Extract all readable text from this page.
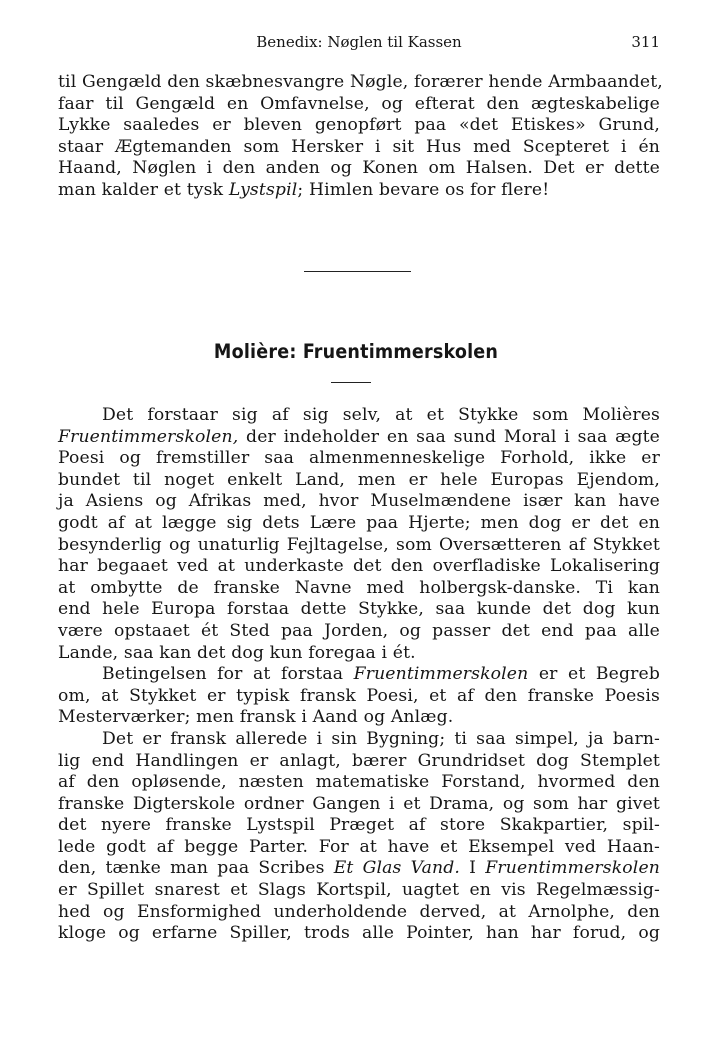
Benedix: Nøglen til Kassen	311
til Gengæld den skæbnesvangre Nøgle, forærer hende Armbaandet,
faar til Gengæld en Omfavnelse, og efterat den ægteskabelige
Lykke saaledes er bleven genopført paa «det Etiskes» Grund,
staar Ægtemanden som Hersker i sit Hus med Scepteret i én
Haand, Nøglen i den anden og Konen om Halsen. Det er dette
man kalder et tysk Lystspil; Himlen bevare os for flere!
Molière: Fruentimmerskolen
Det forstaar sig af sig selv, at et Stykke som Molières
Fruentimmerskolen, der indeholder en saa sund Moral i saa ægte
Poesi og fremstiller saa almenmenneskelige Forhold, ikke er
bundet til noget enkelt Land, men er hele Europas Ejendom,
ja Asiens og Afrikas med, hvor Muselmændene især kan have
godt af at lægge sig dets Lære paa Hjerte; men dog er det en
besynderlig og unaturlig Fejltagelse, som Oversætteren af Stykket
har begaaet ved at underkaste det den overfladiske Lokalisering
at ombytte de franske Navne med holbergsk-danske. Ti kan
end hele Europa forstaa dette Stykke, saa kunde det dog kun
være opstaaet ét Sted paa Jorden, og passer det end paa alle
Lande, saa kan det dog kun foregaa i ét.
Betingelsen for at forstaa Fruentimmerskolen er et Begreb
om, at Stykket er typisk fransk Poesi, et af den franske Poesis
Mesterværker; men fransk i Aand og Anlæg.
Det er fransk allerede i sin Bygning; ti saa simpel, ja barn-
lig end Handlingen er anlagt, bærer Grundridset dog Stemplet
af den opløsende, næsten matematiske Forstand, hvormed den
franske Digterskole ordner Gangen i et Drama, og som har givet
det nyere franske Lystspil Præget af store Skakpartier, spil-
lede godt af begge Parter. For at have et Eksempel ved Haan-
den, tænke man paa Scribes Et Glas Vand. I Fruentimmerskolen
er Spillet snarest et Slags Kortspil, uagtet en vis Regelmæssig-
hed og Ensformighed underholdende derved, at Arnolphe, den
kloge og erfarne Spiller, trods alle Pointer, han har forud, og
